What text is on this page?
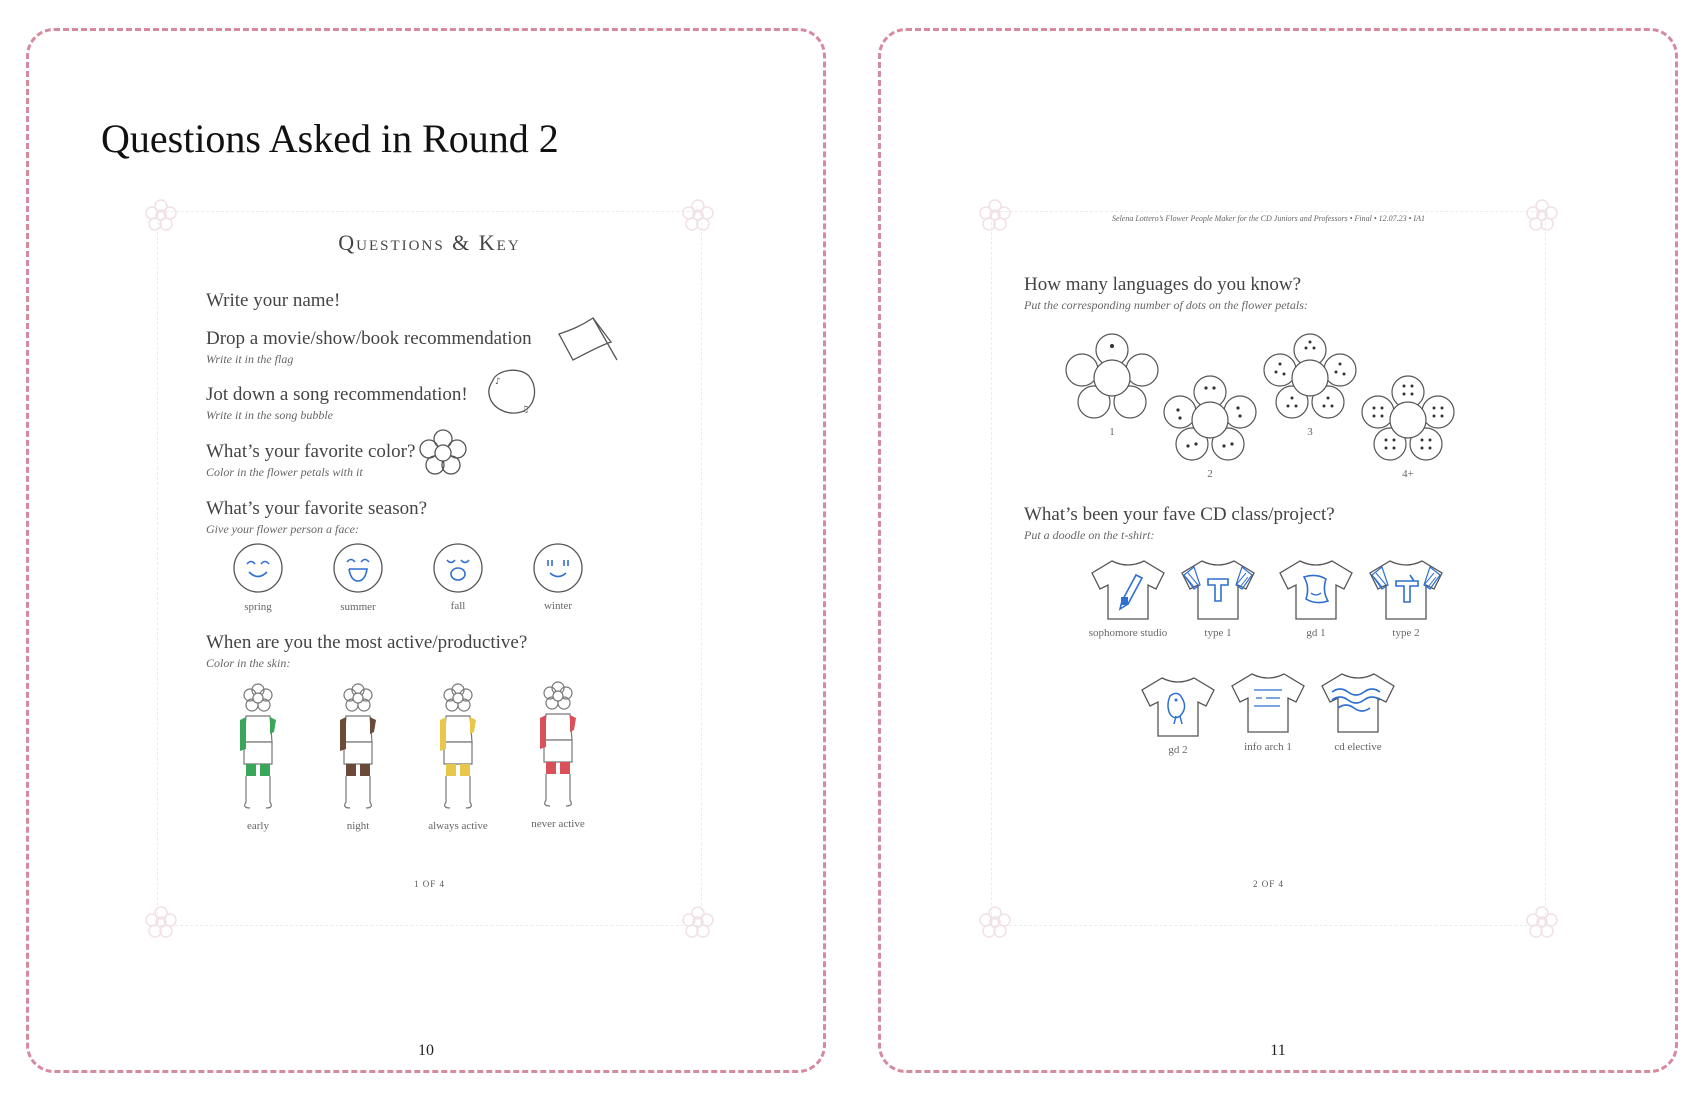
Questions Asked in Round 2
Questions & Key
Write your name!
Drop a movie/show/book recommendation
Write it in the flag
Jot down a song recommendation!
Write it in the song bubble
♪
♫
What’s your favorite color?
Color in the flower petals with it
What’s your favorite season?
Give your flower person a face:
spring	summer	fall	winter
When are you the most active/productive?
Color in the skin:
early	night	always active	never active
1 OF 4
10
Selena Lottero’s Flower People Maker for the CD Juniors and Professors • Final • 12.07.23 • IA1
How many languages do you know?
Put the corresponding number of dots on the flower petals:
1
2
3
4+
What’s been your fave CD class/project?
Put a doodle on the t-shirt:
sophomore studio	type 1	gd 1	type 2
gd 2	info arch 1	cd elective
2 OF 4
11
